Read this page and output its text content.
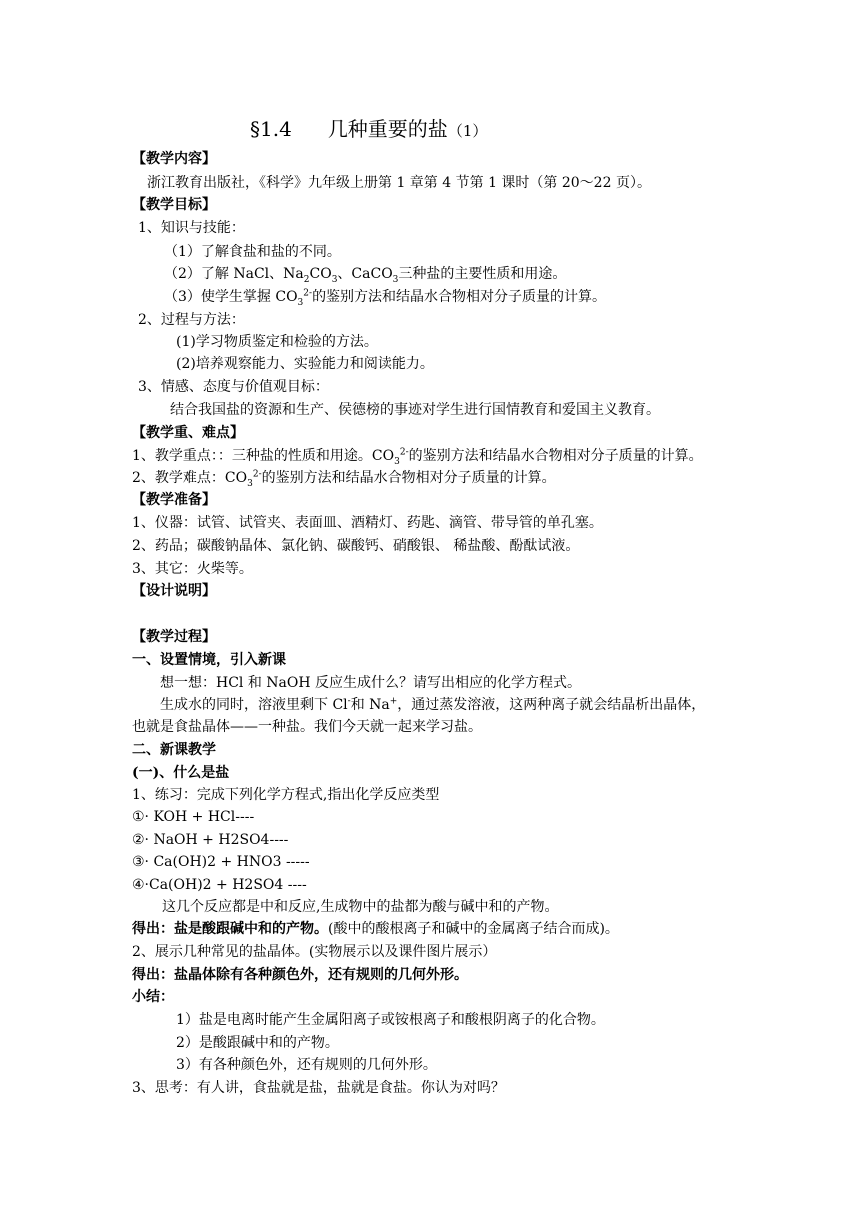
§1.4 几种重要的盐（1）
【教学内容】
浙江教育出版社，《科学》九年级上册第 1 章第 4 节第 1 课时（第 20～22 页）。
【教学目标】
1、知识与技能：
（1）了解食盐和盐的不同。
（2）了解 NaCl、$Na_2CO_3$、CaCO$_3$三种盐的主要性质和用途。
（3）使学生掌握 $CO_3^{2-}$的鉴别方法和结晶水合物相对分子质量的计算。
2、过程与方法：
(1)学习物质鉴定和检验的方法。
(2)培养观察能力、实验能力和阅读能力。
3、情感、态度与价值观目标：
结合我国盐的资源和生产、侯德榜的事迹对学生进行国情教育和爱国主义教育。
【教学重、难点】
1、教学重点：：三种盐的性质和用途。$CO_3^{2-}$的鉴别方法和结晶水合物相对分子质量的计算。
2、教学难点：$CO_3^{2-}$的鉴别方法和结晶水合物相对分子质量的计算。
【教学准备】
1、仪器：试管、试管夹、表面皿、酒精灯、药匙、滴管、带导管的单孔塞。
2、药品；碳酸钠晶体、氯化钠、碳酸钙、硝酸银、 稀盐酸、酚酞试液。
3、其它：火柴等。
【设计说明】
【教学过程】
一、设置情境，引入新课
想一想：HCl 和 NaOH 反应生成什么？请写出相应的化学方程式。
生成水的同时，溶液里剩下 Cl-和 Na+，通过蒸发溶液，这两种离子就会结晶析出晶体，
也就是食盐晶体——一种盐。我们今天就一起来学习盐。
二、新课教学
(一)、什么是盐
1、练习：完成下列化学方程式,指出化学反应类型
①· KOH + HCl----
②· NaOH + H2SO4----
③· Ca(OH)2 + HNO3 -----
④·Ca(OH)2 + H2SO4 ----
这几个反应都是中和反应,生成物中的盐都为酸与碱中和的产物。
得出：盐是酸跟碱中和的产物。(酸中的酸根离子和碱中的金属离子结合而成)。
2、展示几种常见的盐晶体。(实物展示以及课件图片展示）
得出：盐晶体除有各种颜色外，还有规则的几何外形。
小结：
1）盐是电离时能产生金属阳离子或铵根离子和酸根阴离子的化合物。
2）是酸跟碱中和的产物。
3）有各种颜色外，还有规则的几何外形。
3、思考：有人讲，食盐就是盐，盐就是食盐。你认为对吗？
